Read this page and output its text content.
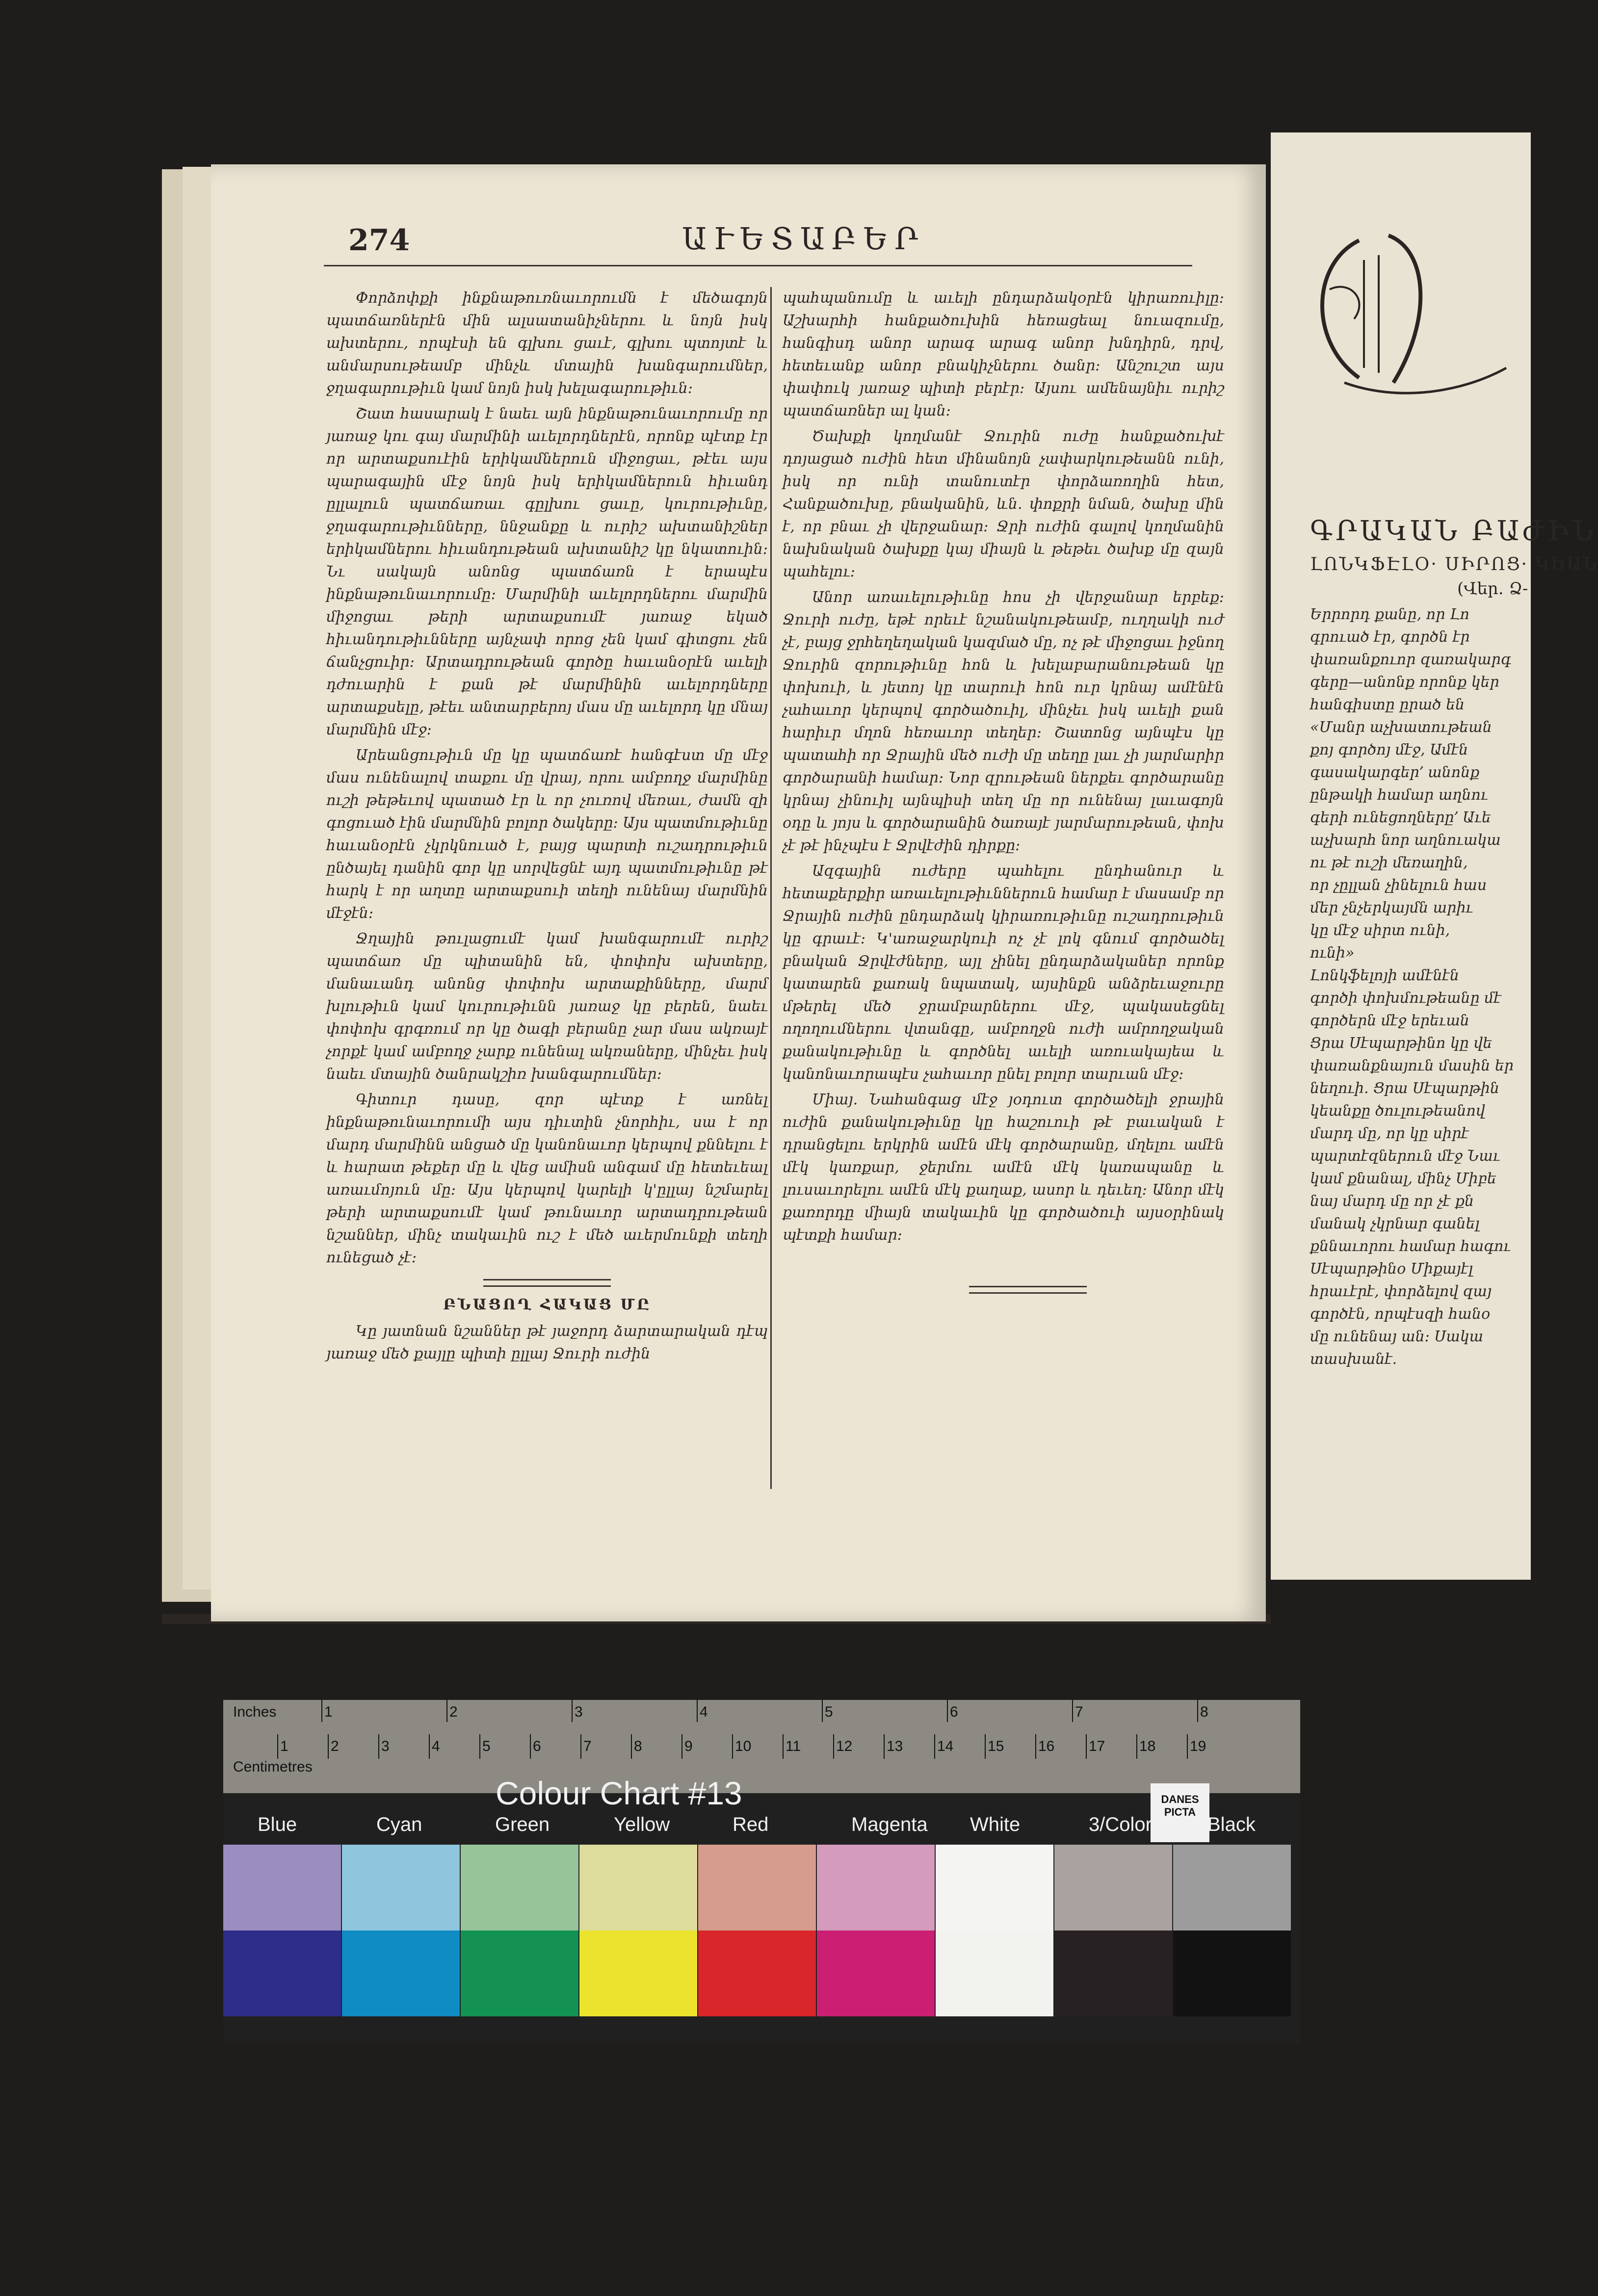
274	ԱՒԵՏԱԲԵՐ

Փորձոփքի ինքնաթուռնաւորումն է մեծագոյն պատճառներէն մին ալսատանիչներու և նոյն իսկ ախտերու, որպէսի են գլխու ցաւէ, գլխու պտոյտէ և անմարսութեամբ մինչև մտային խանգարումներ, ջղագարութիւն կամ նոյն իսկ խելագարութիւն։

Շատ հասարակ է նաեւ այն ինքնաթունաւորումը որ յառաջ կու գայ մարմինի աւելորդներէն, որոնք պէտք էր որ արտաքսուէին երիկամներուն միջոցաւ, թէեւ այս պարագային մէջ նոյն իսկ երիկամներուն հիւանդ ըլլալուն պատճառաւ գըլխու ցաւը, կուրութիւնը, ջղագարութիւնները, ննջանքը և ուրիշ ախտանիշներ երիկամներու հիւանդութեան ախտանիշ կը նկատուին։ Նւ սակայն անոնց պատճառն է երապէս ինքնաթունաւորումը։ Մարմինի աւելորդներու մարմին միջոցաւ թերի արտաքսումէ յառաջ եկած հիւանդութիւնները այնչափ որոց չեն կամ գիտցու չեն ճանչցուիր։ Արտադրութեան գործը հաւանօրէն աւելի դժուարին է քան թէ մարմինին աւելորդները արտաքսելը, թէեւ անտարբերոյ մաս մը աւելորդ կը մնայ մարմնին մէջ։

Արեանցութիւն մը կը պատճառէ հանգէստ մը մէջ մաս ունենալով տաքու մը վրայ, որու ամբողջ մարմինը ուշի թեթեւով պատած էր և որ չուռով մեռաւ, ժամն զի գոցուած էին մարմնին բոլոր ծակերը։ Այս պատմութիւնը հաւանօրէն չկրկնուած է, բայց պարտի ուշադրութիւն ընծայել դանին գոր կը սորվեցնէ այդ պատմութիւնը թէ հարկ է որ աղտը արտաքսուի տեղի ունենայ մարմնին մէջէն։

Ջղային թուլացումէ կամ խանգարումէ ուրիշ պատճառ մը պիտանին են, փոփոխ ախտերը, մանաւանդ անոնց փոփոխ արտաքինները, մարմ խլութիւն կամ կուրութիւնն յառաջ կը բերեն, նաեւ փոփոխ գրգռում որ կը ծագի բերանը չար մաս ակռայէ չորքէ կամ ամբողջ չարք ունենալ ակռաները, մինչեւ իսկ նաեւ մտային ծանրակշիռ խանգարումներ։

Գիտուր դասը, զոր պէտք է առնել ինքնաթունաւորումի այս դիւտին չնորհիւ, սա է որ մարդ մարմինն անցած մը կանոնաւոր կերպով քննելու է և հարատ թեքեր մը և վեց ամիսն անգամ մը հետեւեալ առաւմոյուն մը։ Այս կերպով կարելի կ'ըլլայ նշմարել թերի արտաքսումէ կամ թունաւոր արտադրութեան նշաններ, մինչ տակաւին ուշ է մեծ աւերմունքի տեղի ունեցած չէ։

ԲՆԱՑՈՂ ՀԱԿԱՑ ՄԸ

Կը յատնան նշաններ թէ յաջորդ ձարտարական դէպ յառաջ մեծ քայլը պիտի ըլլայ Ջուրի ուժին

պահպանումը և աւելի ընդարձակօրէն կիրառուիլը։ Աշխարհի հանքածուխին հեռացեալ նուազումը, հանգիսդ անոր արագ արագ անոր խնդիրն, դրվ, հետեւանք անոր բնակիչներու ծանր։ Անշուշտ այս փափուկ յառաջ պիտի բերէր։ Այսու ամենայնիւ ուրիշ պատճառներ ալ կան։

Ծախքի կողմանէ Ջուրին ուժը հանքածուխէ դոյացած ուժին հետ մինանոյն չափարկութեանն ունի, իսկ որ ունի տանուտէր փորձառողին հետ, Հանքածուխը, բնականին, ևն. փոքրի նման, ծախը մին է, որ բնաւ չի վերջանար։ Ջրի ուժին գալով կողմանին նախնական ծախքը կայ միայն և թեթեւ ծախք մը զայն պահելու։

Անոր առաւելութիւնը հոս չի վերջանար երբեք։ Ջուրի ուժը, եթէ որեւէ նշանակութեամբ, ուղղակի ուժ չէ, բայց ջրհեղեղական կազմած մը, ոչ թէ միջոցաւ իջնող Ջուրին զորութիւնը հոն և խելաբարանութեան կը փոխուի, և յետոյ կը տարուի հոն ուր կրնայ ամէնէն չահաւոր կերպով գործածուիլ, մինչեւ իսկ աւելի քան հարիւր մղոն հեռաւոր տեղեր։ Շատոնց այնպէս կը պատահի որ Ջրային մեծ ուժի մը տեղը լաւ չի յարմարիր գործարանի համար։ Նոր զրութեան ներքեւ գործարանը կրնայ չինուիլ այնպիսի տեղ մը որ ունենայ լաւագոյն օդը և յոյս և գործարանին ծառայէ յարմարութեան, փոխ չէ թէ ինչպէս է Ջրվէժին դիրքը։

Ազգային ուժերը պահելու ընդհանուր և հետաքերքիր առաւելութիւններուն համար է մասամբ որ Ջրային ուժին ընդարձակ կիրառութիւնը ուշադրութիւն կը գրաւէ։ Կ'առաջարկուի ոչ չէ լոկ գնում գործածել բնական Ջրվէժները, այլ չինել ընդարձականեր որոնք կատարեն քառակ նպատակ, այսինքն անձրեւաջուրը մթերել մեծ ջրամբարներու մէջ, պակասեցնել ողողումներու վտանգը, ամբողջն ուժի ամրողջական քանակութիւնը և գործնել աւելի առուակայեա և կանոնաւորապէս չահաւոր ընել բոլոր տարւան մէջ։

Միայ. Նահանգաց մէջ յօդուտ գործածելի ջրային ուժին քանակութիւնը կը հաշուուի թէ բաւական է դրանցելու երկրին ամէն մէկ գործարանը, մղելու ամէն մէկ կառքար, ջերմու ամէն մէկ կառապանը և լուսաւորելու ամէն մէկ քաղաք, ասոր և դեւեղ։ Անոր մէկ քառորդը միայն տակաւին կը գործածուի այսօրինակ պէտքի համար։

ԳՐԱԿԱՆ ԲԱԺԻՆ
ԼՈՆԿՖԷԼՕ· ՍԻՐՈՑ· ԿԵԱՆ
(Վեր. Ձ-
Երրորդ քանը, որ Լո
գրուած էր, գործն էր
փառանքուոր զառակարգ
գերը—անոնք որոնք կեր
հանգիստը ըրած են
«Մանր աչխատութեան
քոյ գործոյ մէջ, Ամէն
գասակարգեր՚ անոնք
ընթակի համար աղնու
գերի ունեցողները՚ Աւե
աչխարհ նոր աղնուակա
ու թէ ուշի մեռաղին,
որ չըլլան չինելուն հաս
մեր չնչերկայմն արիւ
կը մէջ սիրտ ունի,
ունի»
Լոնկֆելոյի ամէնէն
գործի փոխմութեանը մէ
գործերն մէջ երեւան
Ցրա Սէպարթինո կը վե
փառանքնայուն մասին եր
նեղուի. Ցրա Սէպարթին
կեանքը ծուլութեանով
մարդ մը, որ կը սիրէ
պարտէզներուն մէջ Նաւ
կամ քնանալ, մինչ Միբե
նայ մարդ մը որ չէ քն
մանակ չկրնար գանել
քննաւորու համար հագու
Սէպարթինօ Միքայէլ
հրաւէրէ, փորձելով զայ
գործէն, որպէսզի հանօ
մը ունենայ ան։ Սակա
տասխանէ.
Inches
Centimetres
1	2	3	4	5	6	7	8
1	2	3	4	5	6	7	8	9	10 11 12 13 14 15 16 17 18 19
Colour Chart #13	DANES PICTA
Blue	Cyan	Green	Yellow	Red	Magenta White	3/Color	Black
